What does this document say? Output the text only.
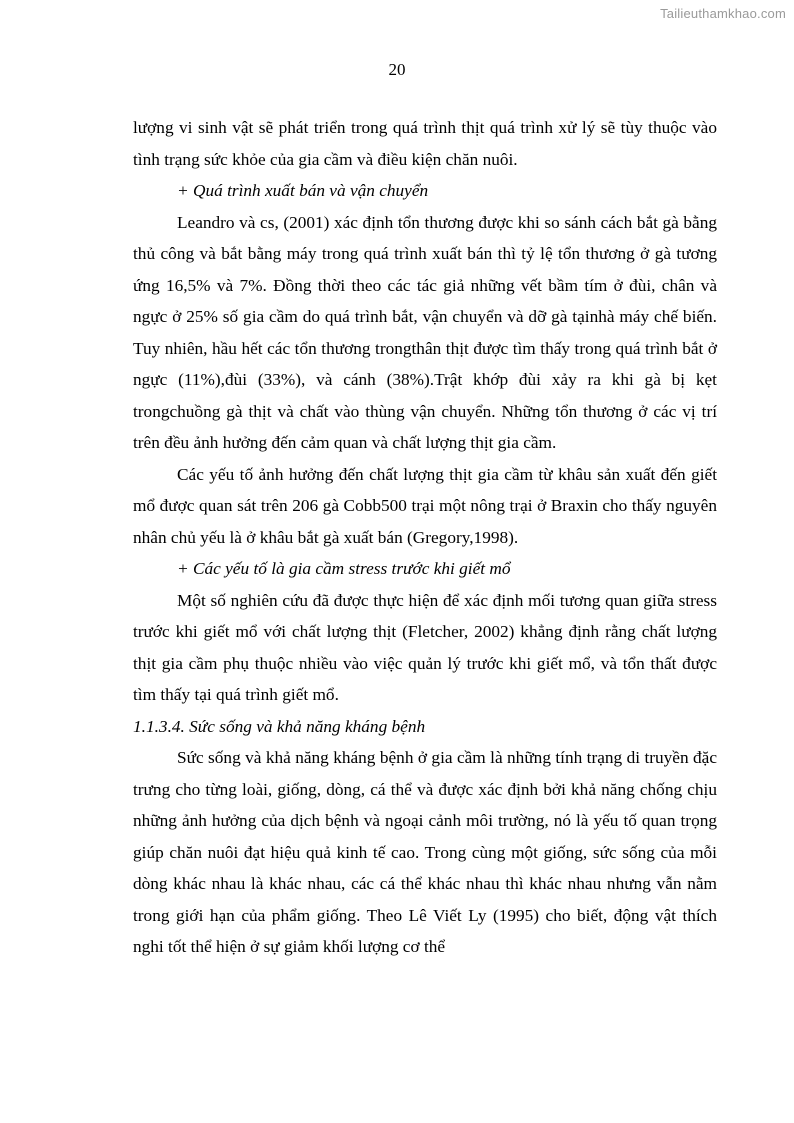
Tailieuthamkhao.com
20

lượng vi sinh vật sẽ phát triển trong quá trình thịt quá trình xử lý sẽ tùy thuộc vào tình trạng sức khỏe của gia cầm và điều kiện chăn nuôi.

+ Quá trình xuất bán và vận chuyển

Leandro và cs, (2001) xác định tổn thương được khi so sánh cách bắt gà bằng thủ công và bắt bằng máy trong quá trình xuất bán thì tỷ lệ tổn thương ở gà tương ứng 16,5% và 7%. Đồng thời theo các tác giả những vết bầm tím ở đùi, chân và ngực ở 25% số gia cầm do quá trình bắt, vận chuyển và dỡ gà tạinhà máy chế biến. Tuy nhiên, hầu hết các tổn thương trongthân thịt được tìm thấy trong quá trình bắt ở ngực (11%),đùi (33%), và cánh (38%).Trật khớp đùi xảy ra khi gà bị kẹt trongchuồng gà thịt và chất vào thùng vận chuyển. Những tổn thương ở các vị trí trên đều ảnh hưởng đến cảm quan và chất lượng thịt gia cầm.

Các yếu tố ảnh hưởng đến chất lượng thịt gia cầm từ khâu sản xuất đến giết mổ được quan sát trên 206 gà Cobb500 trại một nông trại ở Braxin cho thấy nguyên nhân chủ yếu là ở khâu bắt gà xuất bán (Gregory,1998).

+ Các yếu tố là gia cầm stress trước khi giết mổ

Một số nghiên cứu đã được thực hiện để xác định mối tương quan giữa stress trước khi giết mổ với chất lượng thịt (Fletcher, 2002) khẳng định rằng chất lượng thịt gia cầm phụ thuộc nhiều vào việc quản lý trước khi giết mổ, và tổn thất được tìm thấy tại quá trình giết mổ.

1.1.3.4. Sức sống và khả năng kháng bệnh

Sức sống và khả năng kháng bệnh ở gia cầm là những tính trạng di truyền đặc trưng cho từng loài, giống, dòng, cá thể và được xác định bởi khả năng chống chịu những ảnh hưởng của dịch bệnh và ngoại cảnh môi trường, nó là yếu tố quan trọng giúp chăn nuôi đạt hiệu quả kinh tế cao. Trong cùng một giống, sức sống của mỗi dòng khác nhau là khác nhau, các cá thể khác nhau thì khác nhau nhưng vẫn nằm trong giới hạn của phẩm giống. Theo Lê Viết Ly (1995) cho biết, động vật thích nghi tốt thể hiện ở sự giảm khối lượng cơ thể
